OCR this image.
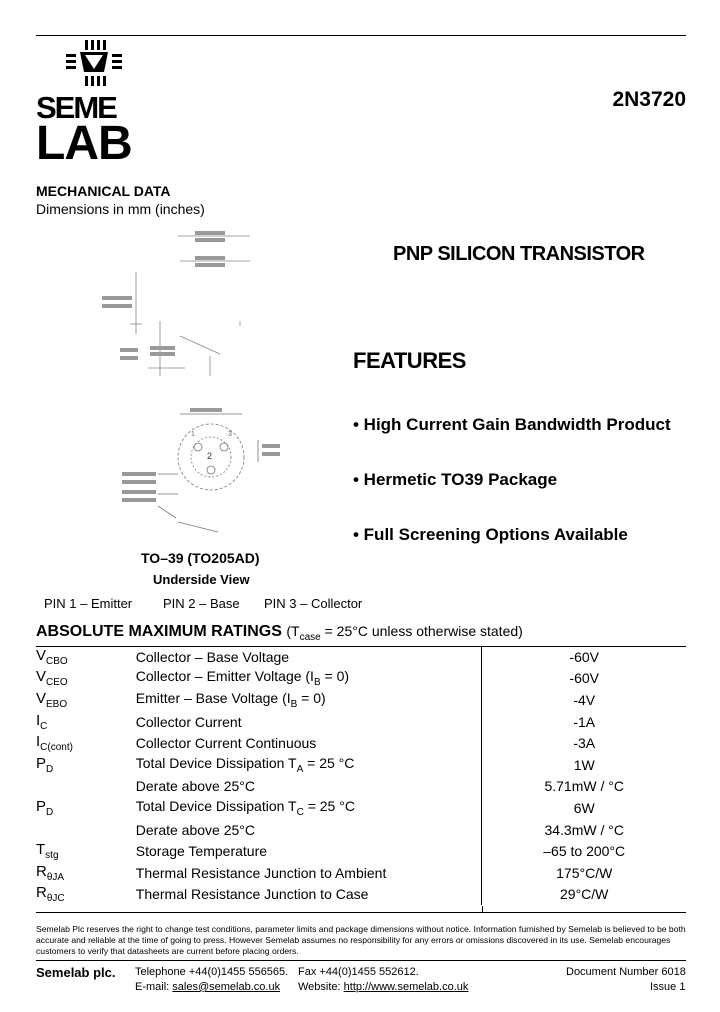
SEME
LAB
2N3720
MECHANICAL DATA
Dimensions in mm (inches)
2
1	3
TO–39 (TO205AD)
Underside View
PIN 1 – Emitter PIN 2 – Base PIN 3 – Collector
PNP SILICON TRANSISTOR
FEATURES
• High Current Gain Bandwidth Product
• Hermetic TO39 Package
• Full Screening Options Available
ABSOLUTE MAXIMUM RATINGS ($T_{case} = 25^\circ C$ unless otherwise stated)
$V_{CBO}$	Collector – Base Voltage	-60V
$V_{CEO}$	Collector – Emitter Voltage $(I_B = 0)$	-60V
$V_{EBO}$	Emitter – Base Voltage $(I_B = 0)$	-4V
$I_C$	Collector Current	-1A
$I_{C(cont)}$	Collector Current Continuous	-3A
$P_D$	Total Device Dissipation $T_A = 25$ °C	1W
	Derate above 25°C	5.71mW / °C
$P_D$	Total Device Dissipation $T_C = 25$ °C	6W
	Derate above 25°C	34.3mW / °C
$T_{stg}$	Storage Temperature	–65 to 200°C
$R_{\theta JA}$	Thermal Resistance Junction to Ambient	175°C/W
$R_{\theta JC}$	Thermal Resistance Junction to Case	29°C/W
Semelab Plc reserves the right to change test conditions, parameter limits and package dimensions without notice. Information furnished by Semelab is believed to be both accurate and reliable at the time of going to press. However Semelab assumes no responsibility for any errors or omissions discovered in its use. Semelab encourages customers to verify that datasheets are current before placing orders.
Semelab plc. Telephone +44(0)1455 556565. Fax +44(0)1455 552612.	Document Number 6018
E-mail: sales@semelab.co.uk Website: http://www.semelab.co.uk	Issue 1
